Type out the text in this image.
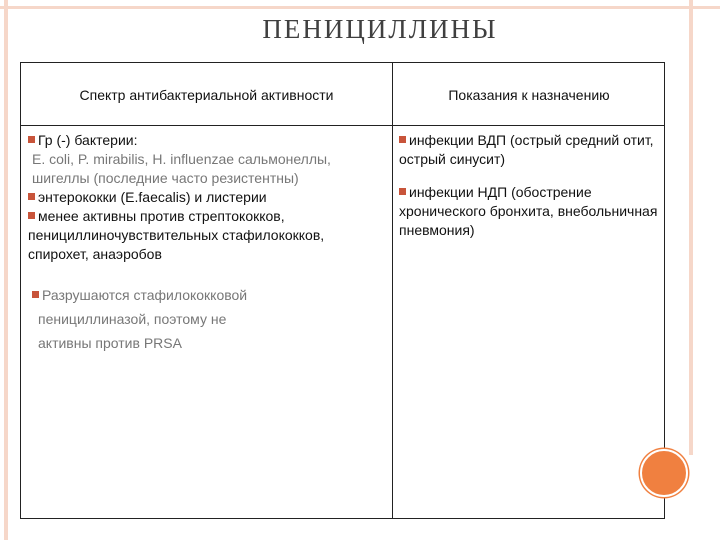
ПЕНИЦИЛЛИНЫ
Спектр антибактериальной активности	Показания к назначению

Гр (-) бактерии:

E. coli, P. mirabilis, H. influenzae сальмонеллы, шигеллы (последние часто резистентны)

энтерококки (E.faecalis) и листерии

менее активны против стрептококков, пенициллиночувствительных стафилококков, спирохет, анаэробов

Разрушаются стафилококковой
пенициллиназой, поэтому не
активны против PRSA

инфекции ВДП (острый средний отит, острый синусит)

инфекции НДП (обострение хронического бронхита, внебольничная пневмония)
